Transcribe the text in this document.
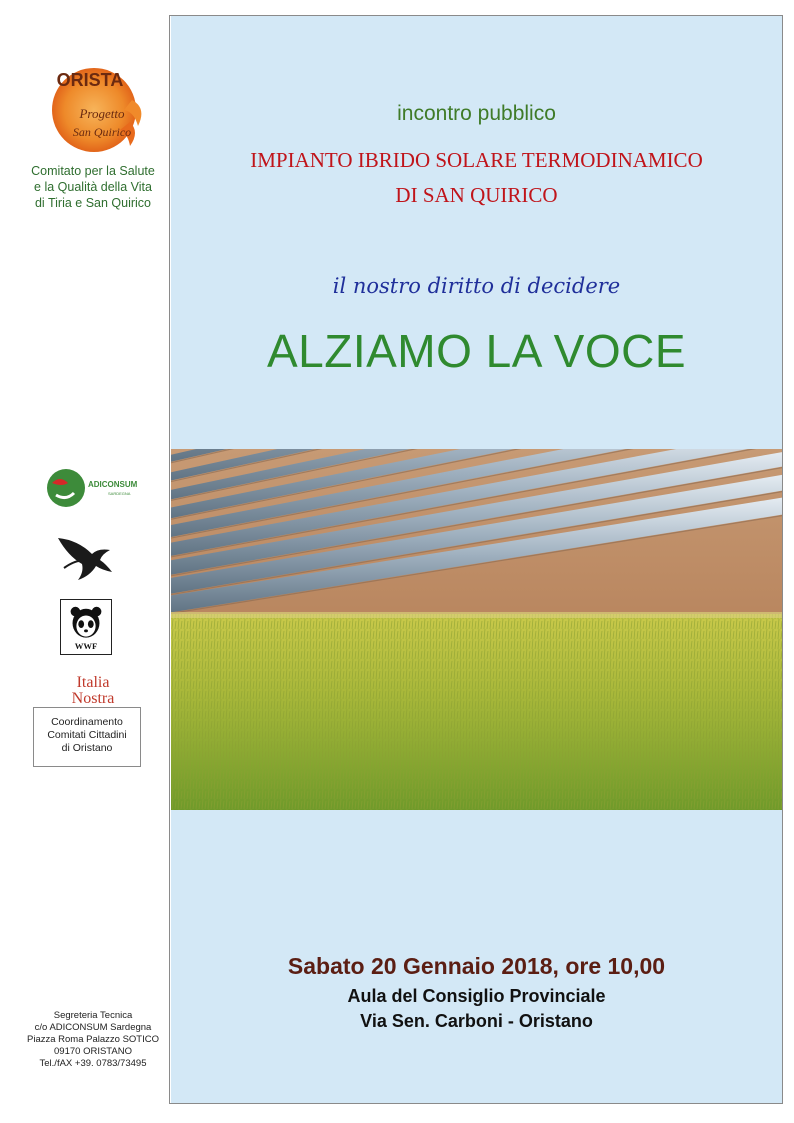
ORISTA
Progetto
San Quirico
Comitato per la Salute
e la Qualità della Vita
di Tiria e San Quirico
ADICONSUM
SARDEGNA
WWF
Italia
Nostra
Coordinamento
Comitati Cittadini
di Oristano
Segreteria Tecnica
c/o ADICONSUM Sardegna
Piazza Roma Palazzo SOTICO
09170 ORISTANO
Tel./fAX +39. 0783/73495
incontro pubblico
IMPIANTO IBRIDO SOLARE TERMODINAMICO
DI SAN QUIRICO
il nostro diritto di decidere
ALZIAMO LA VOCE
Sabato 20 Gennaio 2018, ore 10,00
Aula del Consiglio Provinciale
Via Sen. Carboni - Oristano
